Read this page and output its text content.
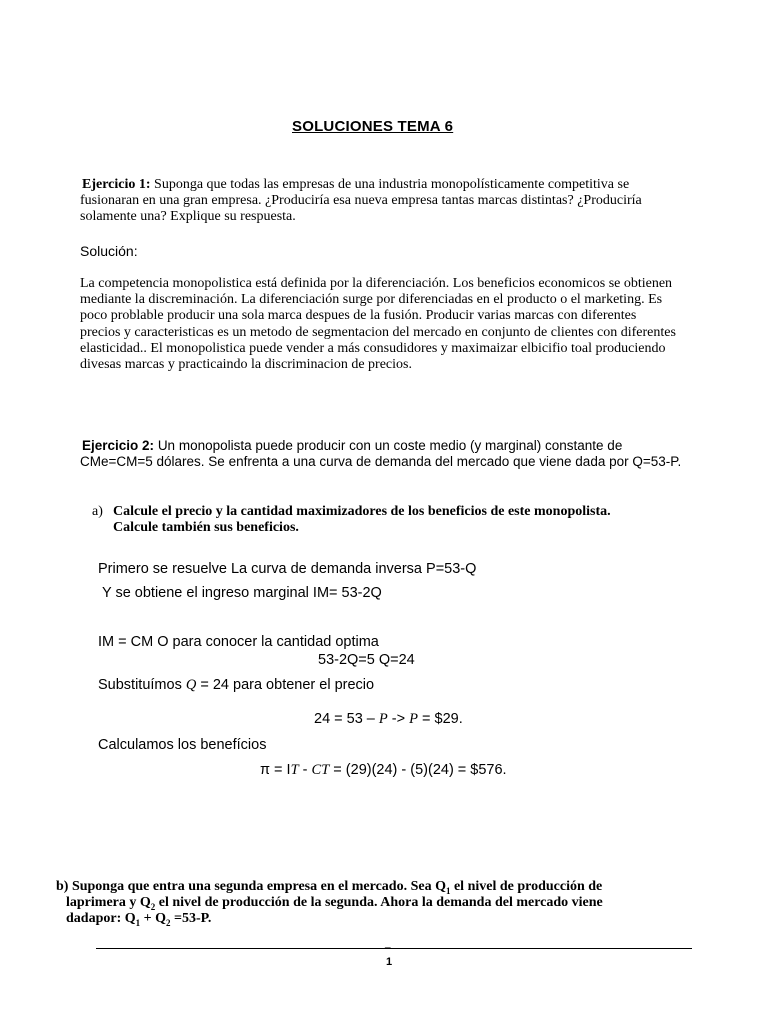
SOLUCIONES TEMA 6
Ejercicio 1: Suponga que todas las empresas de una industria monopolísticamente competitiva se
fusionaran en una gran empresa. ¿Produciría esa nueva empresa tantas marcas distintas? ¿Produciría
solamente una? Explique su respuesta.
Solución:
La competencia monopolistica está definida por la diferenciación. Los beneficios economicos se obtienen
mediante la discreminación. La diferenciación surge por diferenciadas en el producto o el marketing. Es
poco problable producir una sola marca despues de la fusión. Producir varias marcas con diferentes
precios y caracteristicas es un metodo de segmentacion del mercado en conjunto de clientes con diferentes
elasticidad.. El monopolistica puede vender a más consudidores y maximaizar elbicifio toal produciendo
divesas marcas y practicaindo la discriminacion de precios.
Ejercicio 2: Un monopolista puede producir con un coste medio (y marginal) constante de
CMe=CM=5 dólares. Se enfrenta a una curva de demanda del mercado que viene dada por Q=53-P.
a) Calcule el precio y la cantidad maximizadores de los beneficios de este monopolista.
Calcule también sus beneficios.
Primero se resuelve La curva de demanda inversa P=53-Q
Y se obtiene el ingreso marginal IM= 53-2Q
IM = CM O para conocer la cantidad optima
53-2Q=5 Q=24
Substituímos Q = 24 para obtener el precio
24 = 53 – P -> P = $29.
Calculamos los benefícios
π = IT - CT = (29)(24) - (5)(24) = $576.
b) Suponga que entra una segunda empresa en el mercado. Sea $Q_1$ el nivel de producción de
laprimera y $Q_2$ el nivel de producción de la segunda. Ahora la demanda del mercado viene
dadapor: $Q_1 + Q_2 =53-P$.
_
1
